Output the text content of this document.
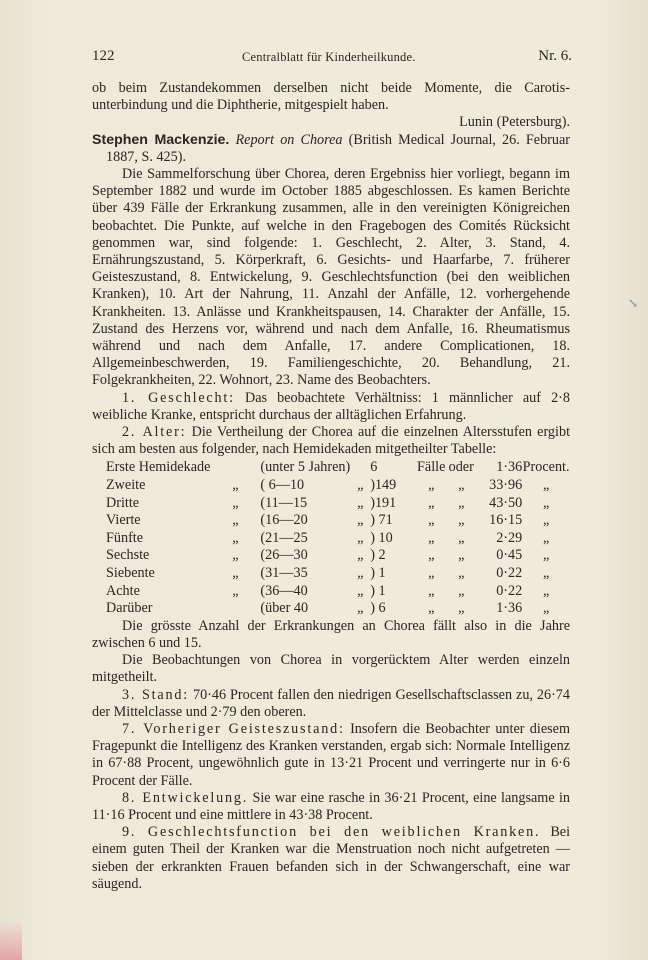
122	Centralblatt für Kinderheilkunde.	Nr. 6.

ob beim Zustandekommen derselben nicht beide Momente, die Carotis-unterbindung und die Diphtherie, mitgespielt haben.

Lunin (Petersburg).

Stephen Mackenzie. Report on Chorea (British Medical Journal, 26. Februar 1887, S. 425).

Die Sammelforschung über Chorea, deren Ergebniss hier vorliegt, begann im September 1882 und wurde im October 1885 abgeschlossen. Es kamen Berichte über 439 Fälle der Erkrankung zusammen, alle in den vereinigten Königreichen beobachtet. Die Punkte, auf welche in den Fragebogen des Comités Rücksicht genommen war, sind folgende: 1. Geschlecht, 2. Alter, 3. Stand, 4. Ernährungszustand, 5. Körperkraft, 6. Gesichts- und Haarfarbe, 7. früherer Geisteszustand, 8. Entwickelung, 9. Geschlechtsfunction (bei den weiblichen Kranken), 10. Art der Nahrung, 11. Anzahl der Anfälle, 12. vorhergehende Krankheiten. 13. Anlässe und Krankheitspausen, 14. Charakter der Anfälle, 15. Zustand des Herzens vor, während und nach dem Anfalle, 16. Rheumatismus während und nach dem Anfalle, 17. andere Complicationen, 18. Allgemeinbeschwerden, 19. Familiengeschichte, 20. Behandlung, 21. Folgekrankheiten, 22. Wohnort, 23. Name des Beobachters.

1. Geschlecht: Das beobachtete Verhältniss: 1 männlicher auf 2·8 weibliche Kranke, entspricht durchaus der alltäglichen Erfahrung.

2. Alter: Die Vertheilung der Chorea auf die einzelnen Altersstufen ergibt sich am besten aus folgender, nach Hemidekaden mitgetheilter Tabelle:

Erste Hemidekade		(unter 5 Jahren)		6	Fälle	oder	1·36	Procent.
Zweite	„	( 6—10	„	)149	„	„	33·96	„
Dritte	„	(11—15	„	)191	„	„	43·50	„
Vierte	„	(16—20	„	) 71	„	„	16·15	„
Fünfte	„	(21—25	„	) 10	„	„	2·29	„
Sechste	„	(26—30	„	) 2	„	„	0·45	„
Siebente	„	(31—35	„	) 1	„	„	0·22	„
Achte	„	(36—40	„	) 1	„	„	0·22	„
Darüber		(über 40	„	) 6	„	„	1·36	„

Die grösste Anzahl der Erkrankungen an Chorea fällt also in die Jahre zwischen 6 und 15.

Die Beobachtungen von Chorea in vorgerücktem Alter werden einzeln mitgetheilt.

3. Stand: 70·46 Procent fallen den niedrigen Gesellschaftsclassen zu, 26·74 der Mittelclasse und 2·79 den oberen.

7. Vorheriger Geisteszustand: Insofern die Beobachter unter diesem Fragepunkt die Intelligenz des Kranken verstanden, ergab sich: Normale Intelligenz in 67·88 Procent, ungewöhnlich gute in 13·21 Procent und verringerte nur in 6·6 Procent der Fälle.

8. Entwickelung. Sie war eine rasche in 36·21 Procent, eine langsame in 11·16 Procent und eine mittlere in 43·38 Procent.

9. Geschlechtsfunction bei den weiblichen Kranken. Bei einem guten Theil der Kranken war die Menstruation noch nicht aufgetreten — sieben der erkrankten Frauen befanden sich in der Schwangerschaft, eine war säugend.

↘
